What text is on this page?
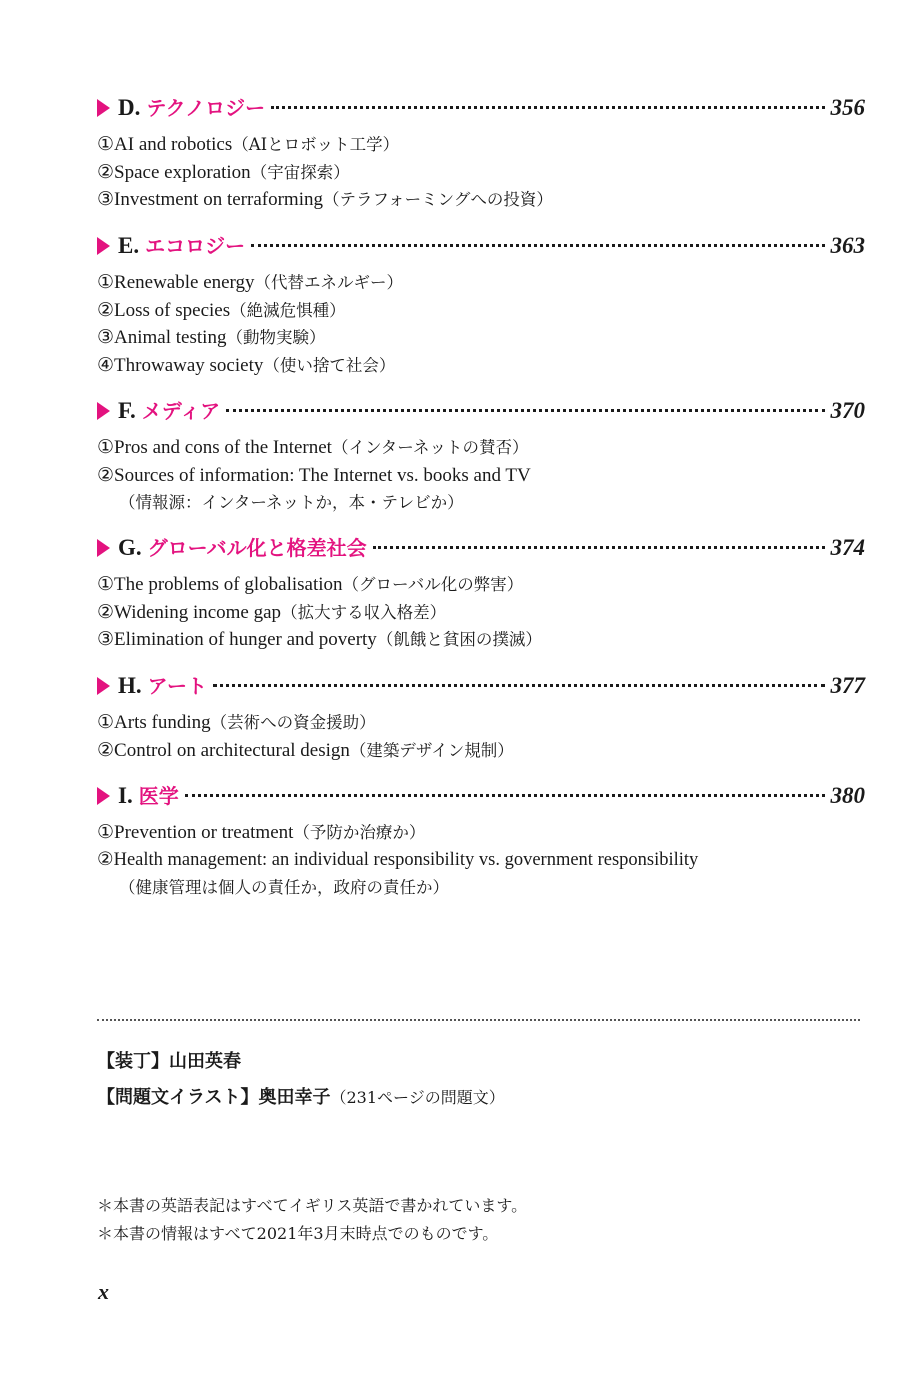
D. テクノロジー	356
①AI and robotics（AIとロボット工学）
②Space exploration（宇宙探索）
③Investment on terraforming（テラフォーミングへの投資）
E. エコロジー	363
①Renewable energy（代替エネルギー）
②Loss of species（絶滅危惧種）
③Animal testing（動物実験）
④Throwaway society（使い捨て社会）
F. メディア	370
①Pros and cons of the Internet（インターネットの賛否）
②Sources of information: The Internet vs. books and TV
（情報源：インターネットか，本・テレビか）
G. グローバル化と格差社会	374
①The problems of globalisation（グローバル化の弊害）
②Widening income gap（拡大する収入格差）
③Elimination of hunger and poverty（飢餓と貧困の撲滅）
H. アート	377
①Arts funding（芸術への資金援助）
②Control on architectural design（建築デザイン規制）
I. 医学	380
①Prevention or treatment（予防か治療か）
②Health management: an individual responsibility vs. government responsibility
（健康管理は個人の責任か，政府の責任か）
【装丁】山田英春
【問題文イラスト】奥田幸子（231ページの問題文）
＊本書の英語表記はすべてイギリス英語で書かれています。
＊本書の情報はすべて2021年3月末時点でのものです。
x
